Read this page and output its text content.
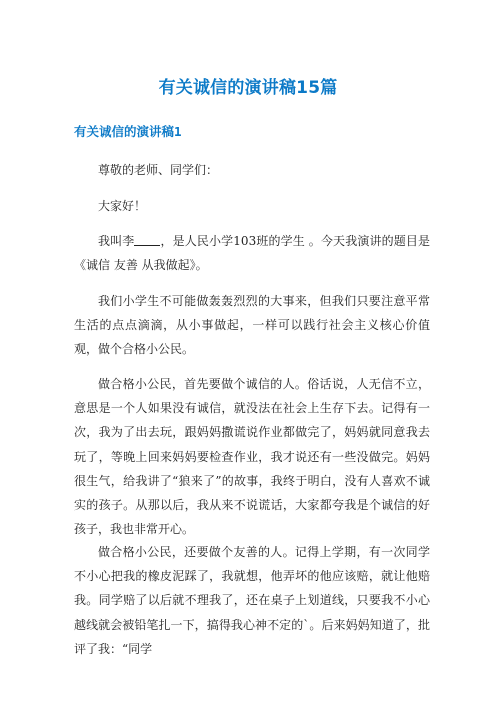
有关诚信的演讲稿15篇
有关诚信的演讲稿1

尊敬的老师、同学们：

大家好！

我叫李 ，是人民小学103班的学生 。今天我演讲的题目是《诚信 友善 从我做起》。

我们小学生不可能做轰轰烈烈的大事来，但我们只要注意平常生活的点点滴滴，从小事做起，一样可以践行社会主义核心价值观，做个合格小公民。

做合格小公民，首先要做个诚信的人。俗话说，人无信不立，意思是一个人如果没有诚信，就没法在社会上生存下去。记得有一次，我为了出去玩，跟妈妈撒谎说作业都做完了，妈妈就同意我去玩了，等晚上回来妈妈要检查作业，我才说还有一些没做完。妈妈很生气，给我讲了“狼来了”的故事，我终于明白，没有人喜欢不诚实的孩子。从那以后，我从来不说谎话，大家都夸我是个诚信的好孩子，我也非常开心。

做合格小公民，还要做个友善的人。记得上学期，有一次同学不小心把我的橡皮泥踩了，我就想，他弄坏的他应该赔，就让他赔我。同学赔了以后就不理我了，还在桌子上划道线，只要我不小心越线就会被铅笔扎一下，搞得我心神不定的`。后来妈妈知道了，批评了我：“同学
